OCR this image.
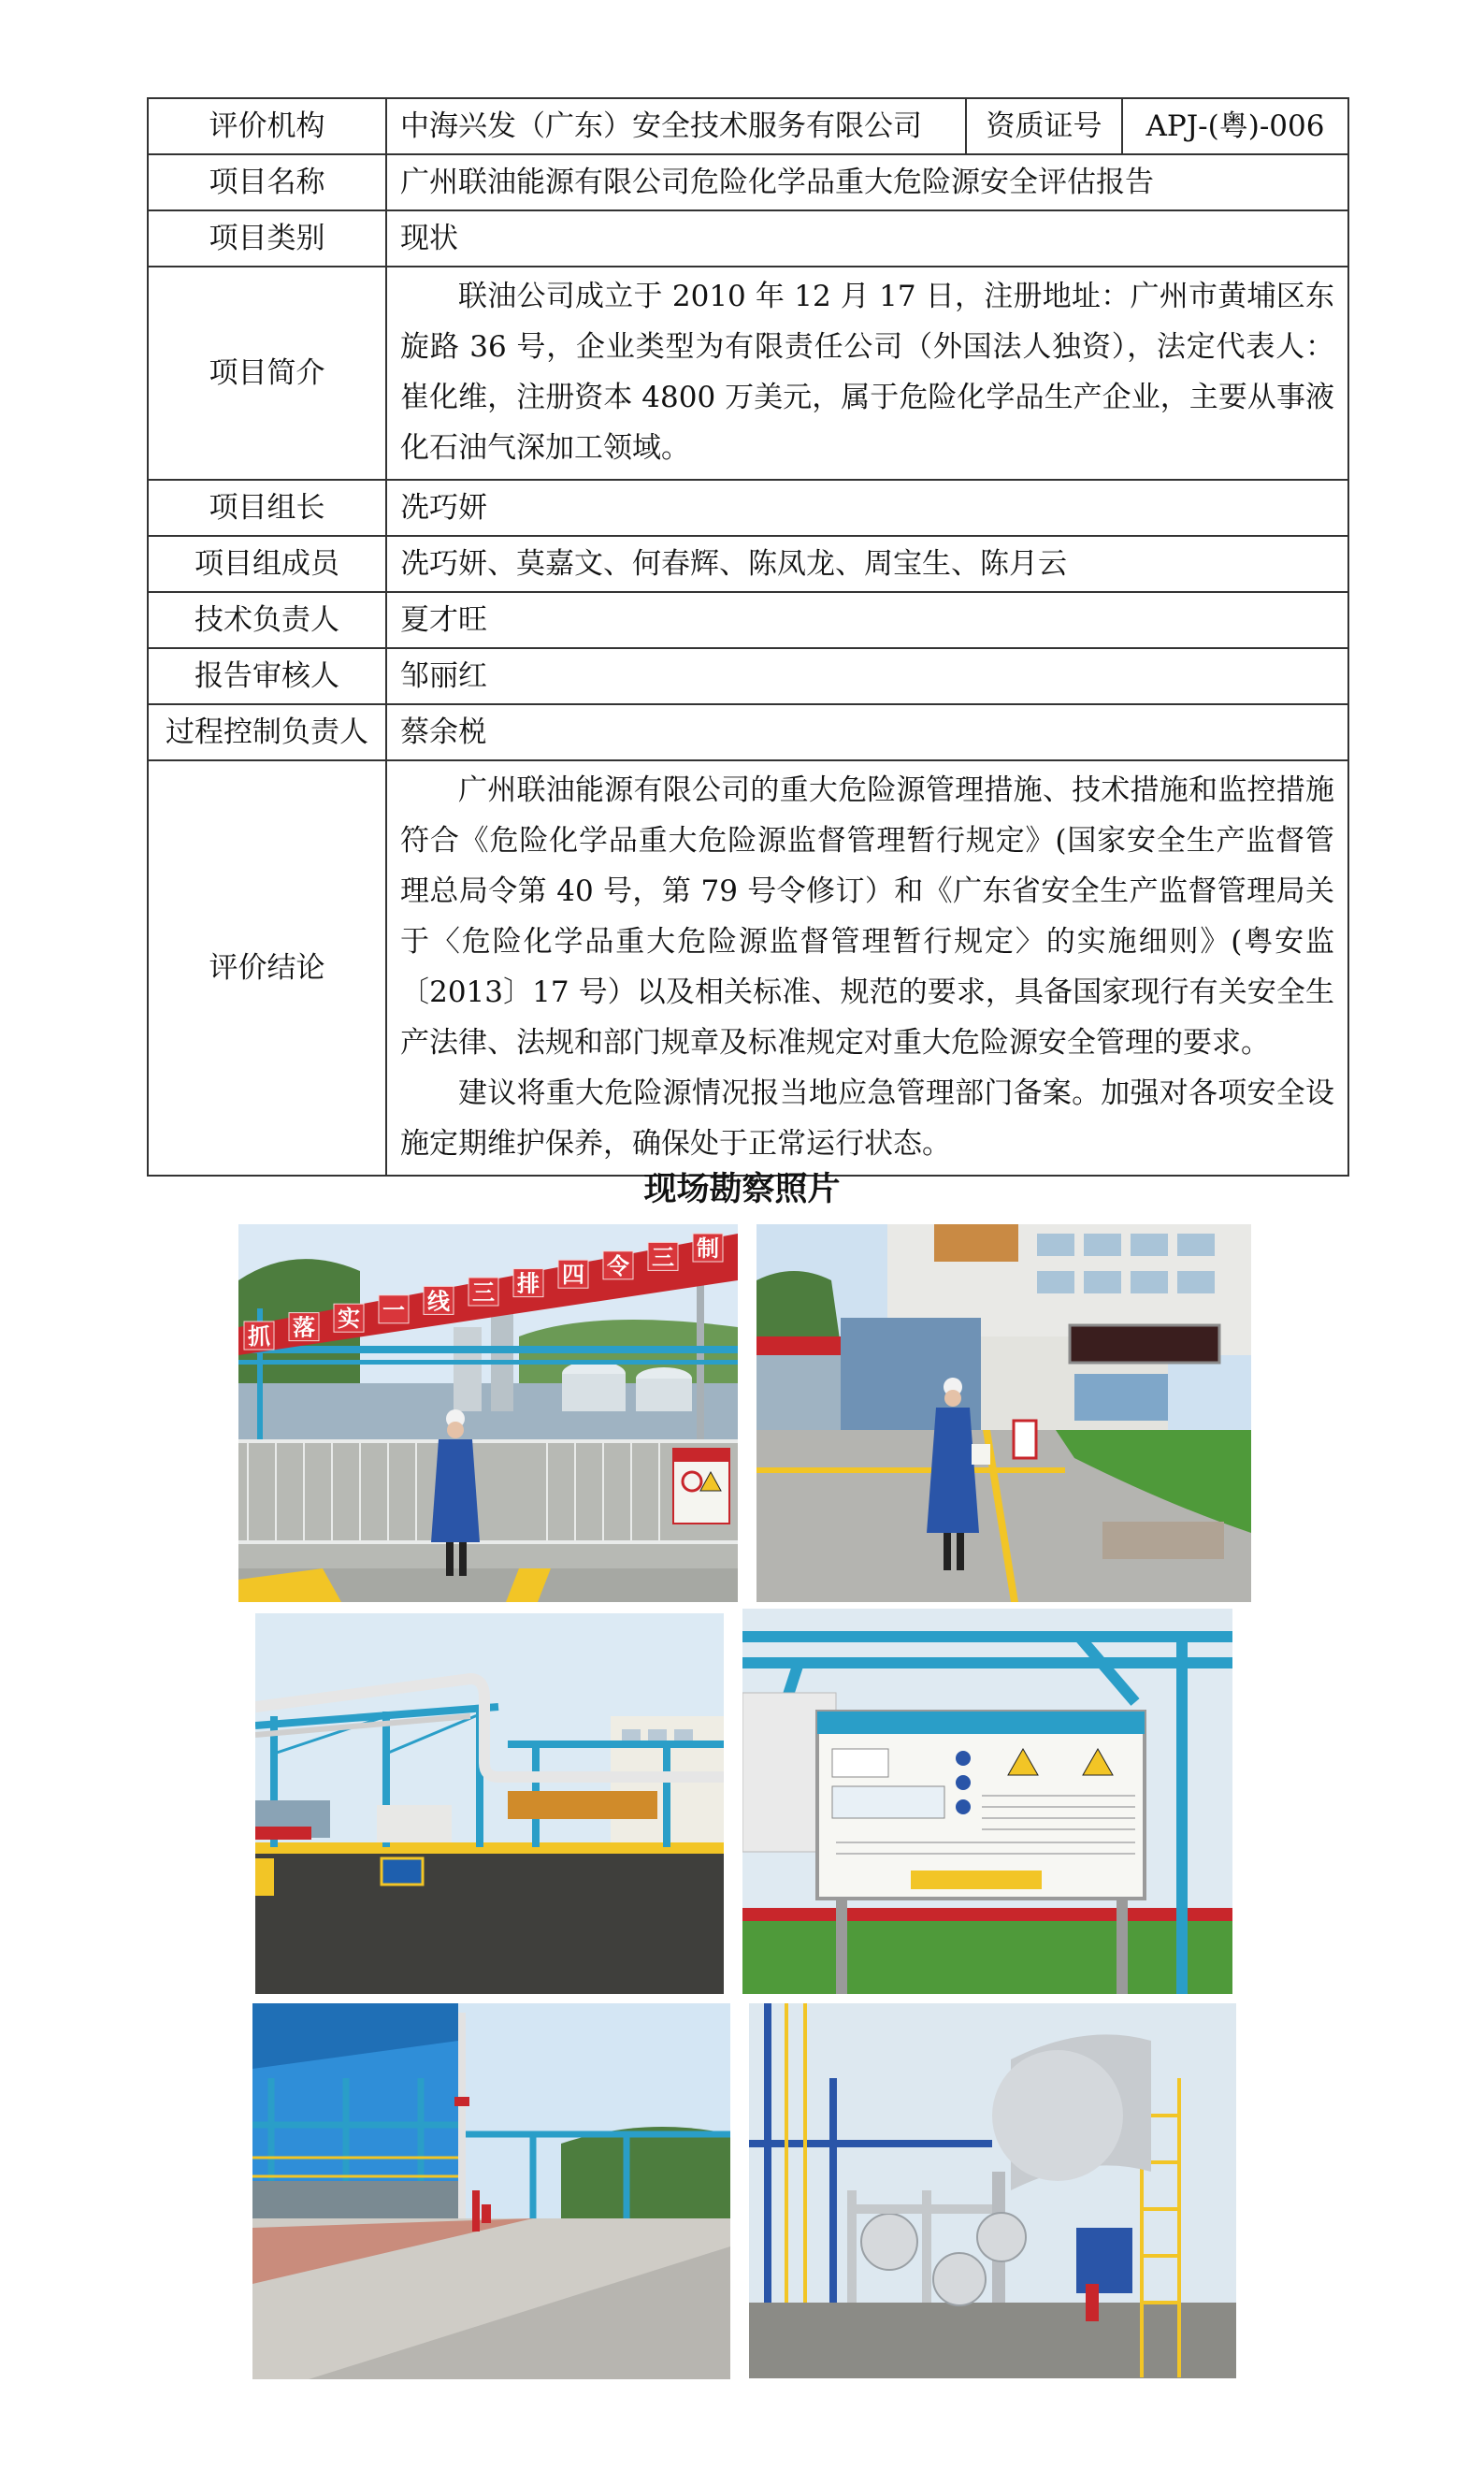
评价机构	中海兴发（广东）安全技术服务有限公司	资质证号	APJ-(粤)-006
项目名称	广州联油能源有限公司危险化学品重大危险源安全评估报告		
项目类别	现状		
项目简介	联油公司成立于 2010 年 12 月 17 日，注册地址：广州市黄埔区东旋路 36 号，企业类型为有限责任公司（外国法人独资），法定代表人：崔化维，注册资本 4800 万美元，属于危险化学品生产企业，主要从事液化石油气深加工领域。		

项目组长	冼巧妍		
项目组成员	冼巧妍、莫嘉文、何春辉、陈凤龙、周宝生、陈月云		
技术负责人	夏才旺		
报告审核人	邹丽红		
过程控制负责人	蔡余棁		
评价结论	广州联油能源有限公司的重大危险源管理措施、技术措施和监控措施符合《危险化学品重大危险源监督管理暂行规定》(国家安全生产监督管理总局令第 40 号，第 79 号令修订）和《广东省安全生产监督管理局关于〈危险化学品重大危险源监督管理暂行规定〉的实施细则》(粤安监〔2013〕17 号）以及相关标准、规范的要求，具备国家现行有关安全生产法律、法规和部门规章及标准规定对重大危险源安全管理的要求。

建议将重大危险源情况报当地应急管理部门备案。加强对各项安全设施定期维护保养，确保处于正常运行状态。		

现场勘察照片
抓 落 实 一 线 三 排 四 令 三 制
